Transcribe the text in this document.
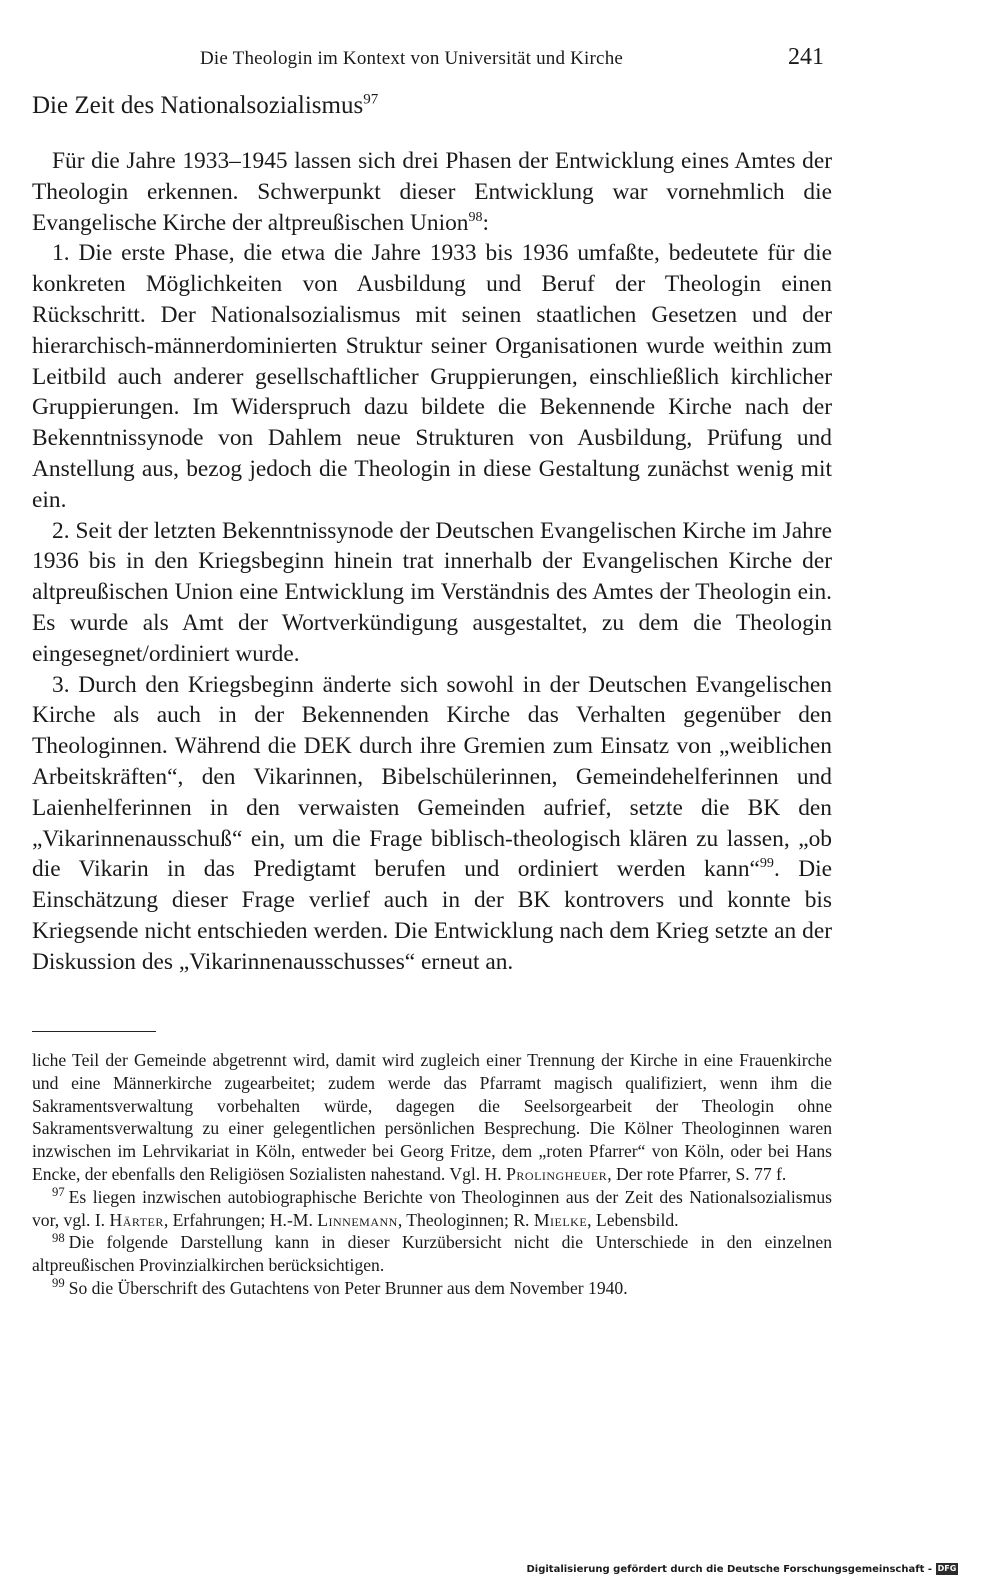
Die Theologin im Kontext von Universität und Kirche	241
Die Zeit des Nationalsozialismus$^{97}$

Für die Jahre 1933–1945 lassen sich drei Phasen der Entwicklung eines Amtes der Theologin erkennen. Schwerpunkt dieser Entwicklung war vornehmlich die Evangelische Kirche der altpreußischen Union$^{98}$:

1. Die erste Phase, die etwa die Jahre 1933 bis 1936 umfaßte, bedeutete für die konkreten Möglichkeiten von Ausbildung und Beruf der Theologin einen Rückschritt. Der Nationalsozialismus mit seinen staatlichen Gesetzen und der hierarchisch-männerdominierten Struktur seiner Organisationen wurde weithin zum Leitbild auch anderer gesellschaftlicher Gruppierungen, einschließlich kirchlicher Gruppierungen. Im Widerspruch dazu bildete die Bekennende Kirche nach der Bekenntnissynode von Dahlem neue Strukturen von Ausbildung, Prüfung und Anstellung aus, bezog jedoch die Theologin in diese Gestaltung zunächst wenig mit ein.

2. Seit der letzten Bekenntnissynode der Deutschen Evangelischen Kirche im Jahre 1936 bis in den Kriegsbeginn hinein trat innerhalb der Evangelischen Kirche der altpreußischen Union eine Entwicklung im Verständnis des Amtes der Theologin ein. Es wurde als Amt der Wortverkündigung ausgestaltet, zu dem die Theologin eingesegnet/ordiniert wurde.

3. Durch den Kriegsbeginn änderte sich sowohl in der Deutschen Evangelischen Kirche als auch in der Bekennenden Kirche das Verhalten gegenüber den Theologinnen. Während die DEK durch ihre Gremien zum Einsatz von „weiblichen Arbeitskräften“, den Vikarinnen, Bibelschülerinnen, Gemeindehelferinnen und Laienhelferinnen in den verwaisten Gemeinden aufrief, setzte die BK den „Vikarinnenausschuß“ ein, um die Frage biblisch-theologisch klären zu lassen, „ob die Vikarin in das Predigtamt berufen und ordiniert werden kann“$^{99}$. Die Einschätzung dieser Frage verlief auch in der BK kontrovers und konnte bis Kriegsende nicht entschieden werden. Die Entwicklung nach dem Krieg setzte an der Diskussion des „Vikarinnenausschusses“ erneut an.

liche Teil der Gemeinde abgetrennt wird, damit wird zugleich einer Trennung der Kirche in eine Frauenkirche und eine Männerkirche zugearbeitet; zudem werde das Pfarramt magisch qualifiziert, wenn ihm die Sakramentsverwaltung vorbehalten würde, dagegen die Seelsorgearbeit der Theologin ohne Sakramentsverwaltung zu einer gelegentlichen persönlichen Besprechung. Die Kölner Theologinnen waren inzwischen im Lehrvikariat in Köln, entweder bei Georg Fritze, dem „roten Pfarrer“ von Köln, oder bei Hans Encke, der ebenfalls den Religiösen Sozialisten nahestand. Vgl. H. Prolingheuer, Der rote Pfarrer, S. 77 f.

$^{97}$ Es liegen inzwischen autobiographische Berichte von Theologinnen aus der Zeit des Nationalsozialismus vor, vgl. I. Härter, Erfahrungen; H.-M. Linnemann, Theologinnen; R. Mielke, Lebensbild.

$^{98}$ Die folgende Darstellung kann in dieser Kurzübersicht nicht die Unterschiede in den einzelnen altpreußischen Provinzialkirchen berücksichtigen.

$^{99}$ So die Überschrift des Gutachtens von Peter Brunner aus dem November 1940.

Digitalisierung gefördert durch die Deutsche Forschungsgemeinschaft - DFG
